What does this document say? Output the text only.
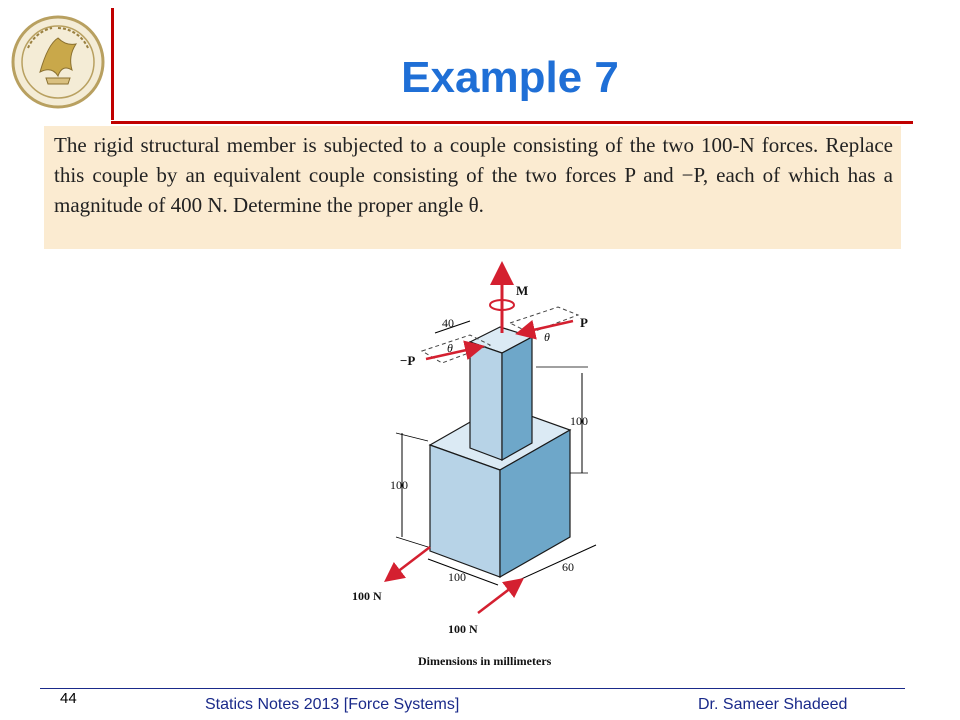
Example 7
The rigid structural member is subjected to a couple consisting of the two 100-N forces. Replace this couple by an equivalent couple consisting of the two forces P and −P, each of which has a magnitude of 400 N. Determine the proper angle θ.
M
P
θ
−P
θ
40
100
100
100
60
100 N
100 N
Dimensions in millimeters
44	Statics Notes 2013 [Force Systems]	Dr. Sameer Shadeed
